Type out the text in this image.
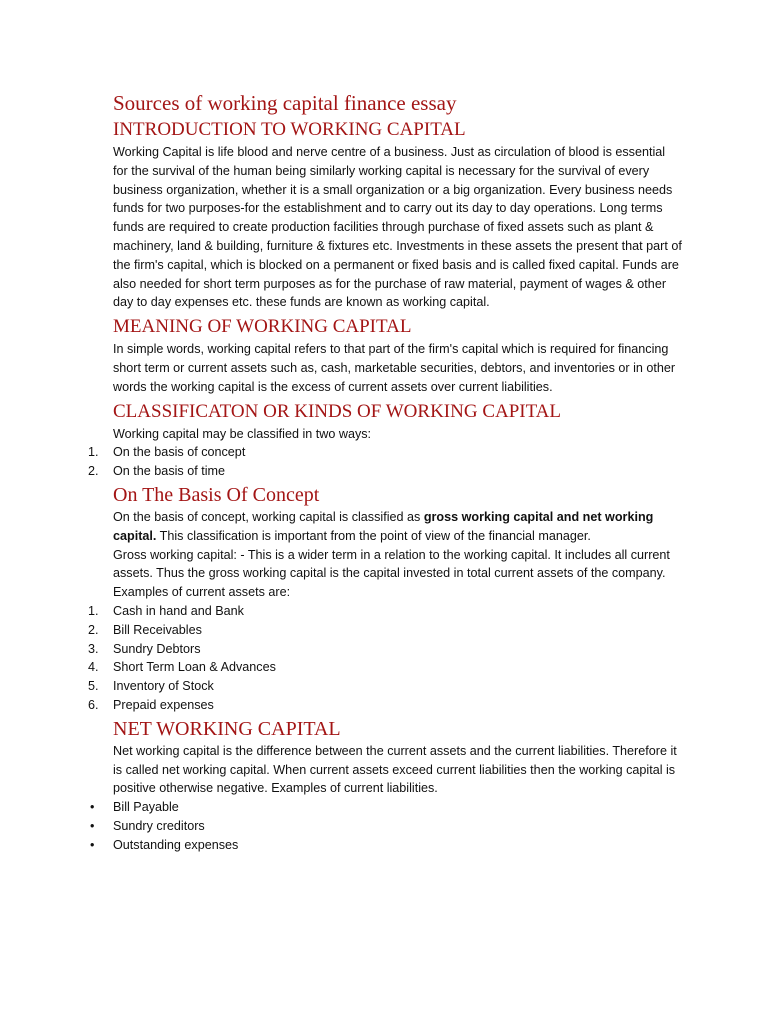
Sources of working capital finance essay
INTRODUCTION TO WORKING CAPITAL

Working Capital is life blood and nerve centre of a business. Just as circulation of blood is essential for the survival of the human being similarly working capital is necessary for the survival of every business organization, whether it is a small organization or a big organization. Every business needs funds for two purposes-for the establishment and to carry out its day to day operations. Long terms funds are required to create production facilities through purchase of fixed assets such as plant & machinery, land & building, furniture & fixtures etc. Investments in these assets the present that part of the firm's capital, which is blocked on a permanent or fixed basis and is called fixed capital. Funds are also needed for short term purposes as for the purchase of raw material, payment of wages & other day to day expenses etc. these funds are known as working capital.

MEANING OF WORKING CAPITAL

In simple words, working capital refers to that part of the firm's capital which is required for financing short term or current assets such as, cash, marketable securities, debtors, and inventories or in other words the working capital is the excess of current assets over current liabilities.

CLASSIFICATON OR KINDS OF WORKING CAPITAL

Working capital may be classified in two ways:

1. On the basis of concept
2. On the basis of time
On The Basis Of Concept

On the basis of concept, working capital is classified as gross working capital and net working capital. This classification is important from the point of view of the financial manager.

Gross working capital: - This is a wider term in a relation to the working capital. It includes all current assets. Thus the gross working capital is the capital invested in total current assets of the company. Examples of current assets are:

1. Cash in hand and Bank
2. Bill Receivables
3. Sundry Debtors
4. Short Term Loan & Advances
5. Inventory of Stock
6. Prepaid expenses
NET WORKING CAPITAL

Net working capital is the difference between the current assets and the current liabilities. Therefore it is called net working capital. When current assets exceed current liabilities then the working capital is positive otherwise negative. Examples of current liabilities.

• Bill Payable
• Sundry creditors
• Outstanding expenses
